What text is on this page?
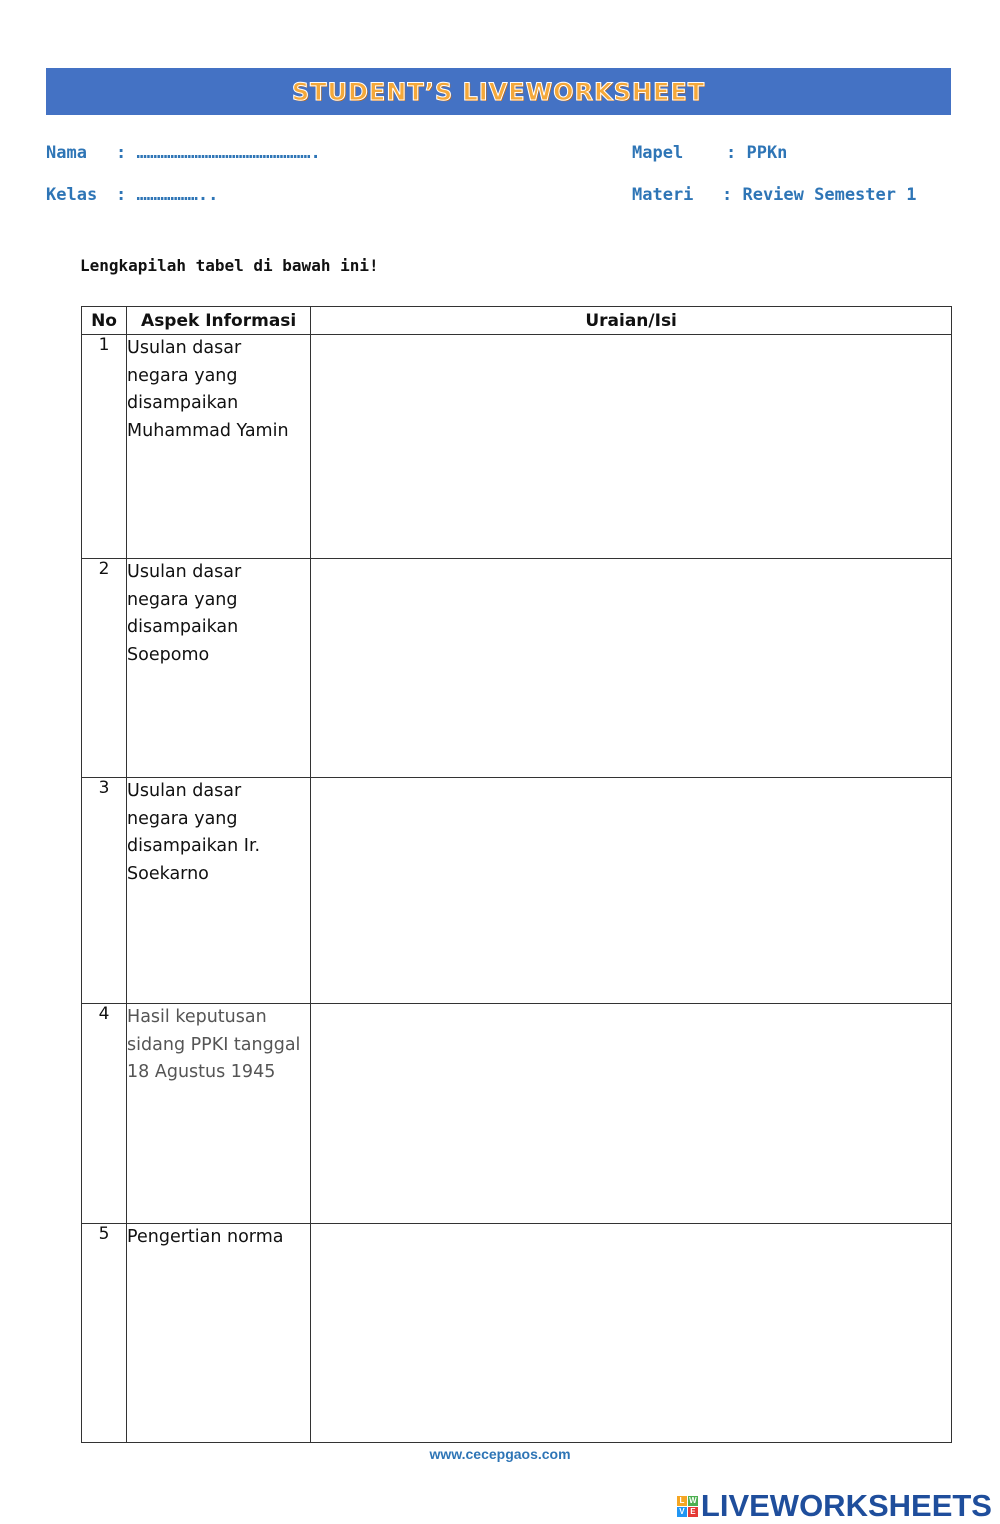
STUDENT’S LIVEWORKSHEET
Nama : …………………………………………….
Kelas : ………………..
Mapel	: PPKn
Materi : Review Semester 1
Lengkapilah tabel di bawah ini!
No	Aspek Informasi	Uraian/Isi
1	Usulan dasar
negara yang
disampaikan
Muhammad Yamin	

2	Usulan dasar
negara yang
disampaikan
Soepomo	

3	Usulan dasar
negara yang
disampaikan Ir.
Soekarno	

4	Hasil keputusan
sidang PPKI tanggal
18 Agustus 1945	

5	Pengertian norma	

www.cecepgaos.com
L W
V E LIVEWORKSHEETS
